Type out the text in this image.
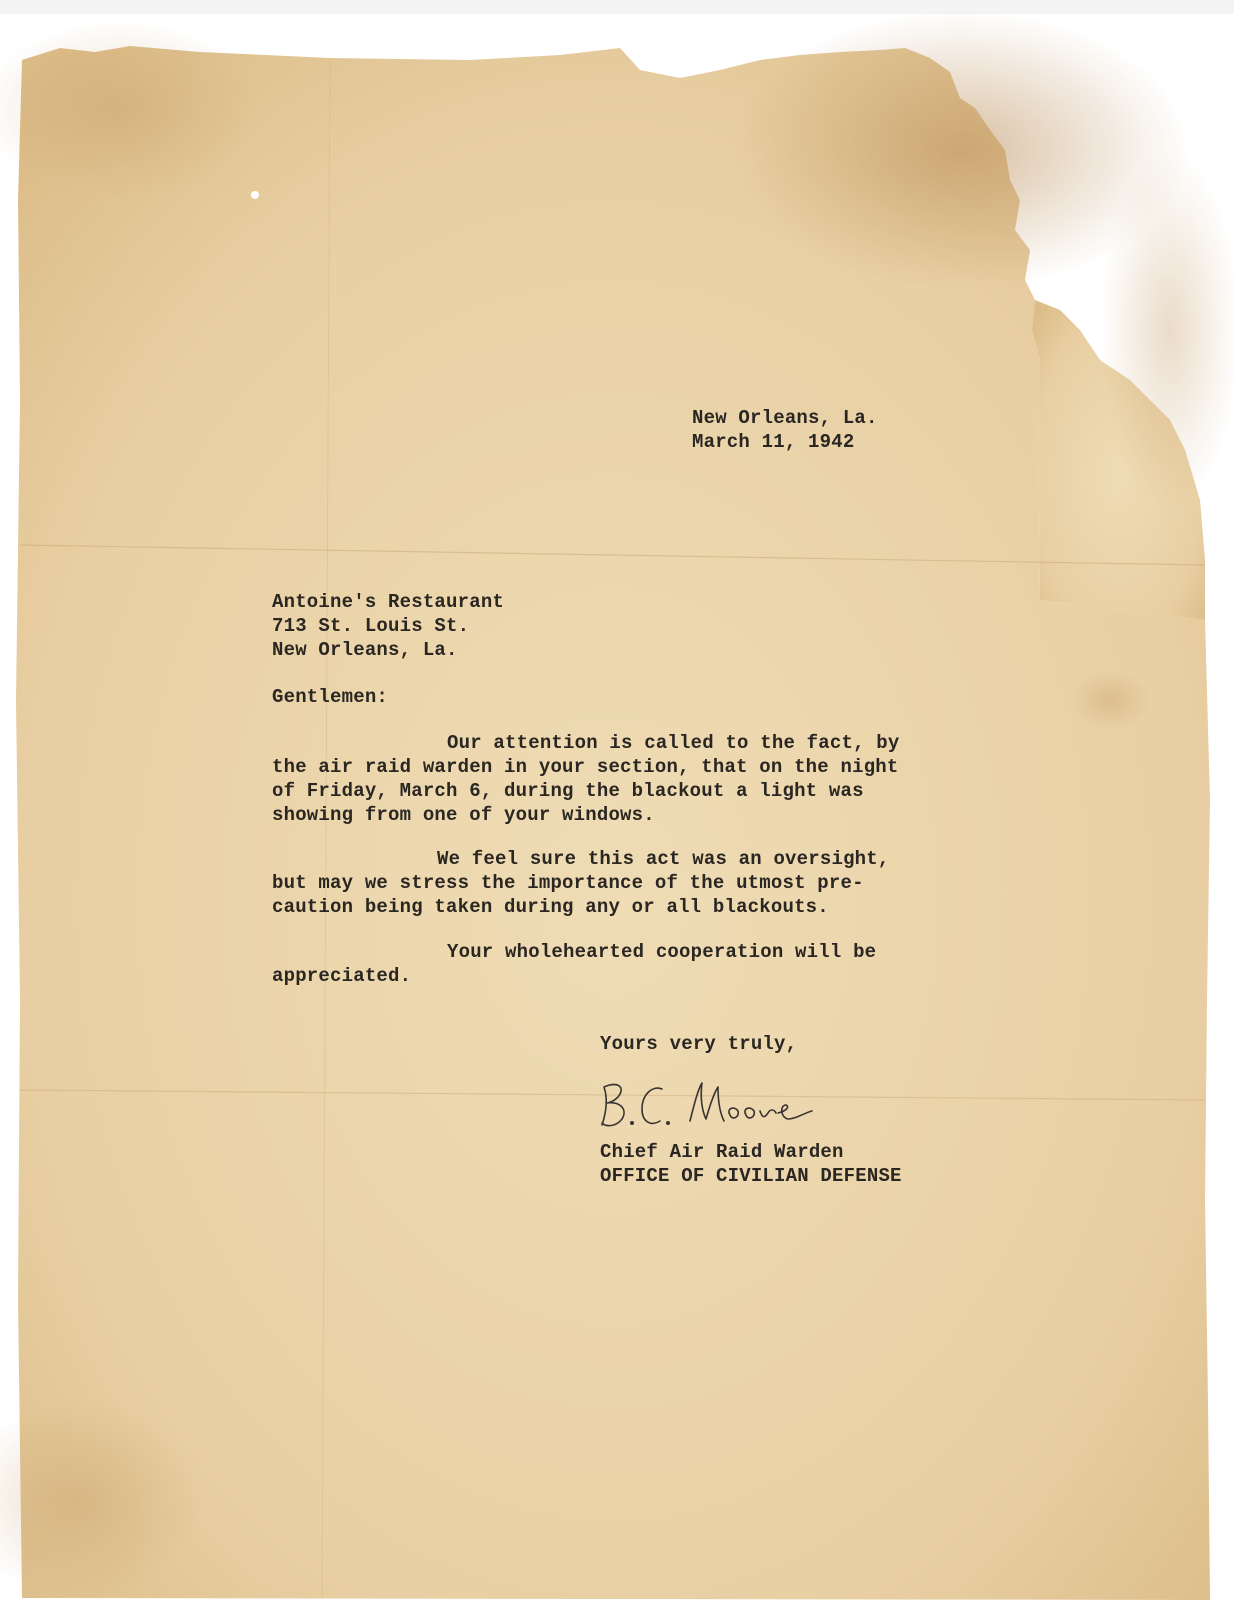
New Orleans, La.
March 11, 1942
Antoine's Restaurant
713 St. Louis St.
New Orleans, La.
Gentlemen:
Our attention is called to the fact, by
the air raid warden in your section, that on the night
of Friday, March 6, during the blackout a light was
showing from one of your windows.
We feel sure this act was an oversight,
but may we stress the importance of the utmost pre-
caution being taken during any or all blackouts.
Your wholehearted cooperation will be
appreciated.
Yours very truly,
Chief Air Raid Warden
OFFICE OF CIVILIAN DEFENSE
